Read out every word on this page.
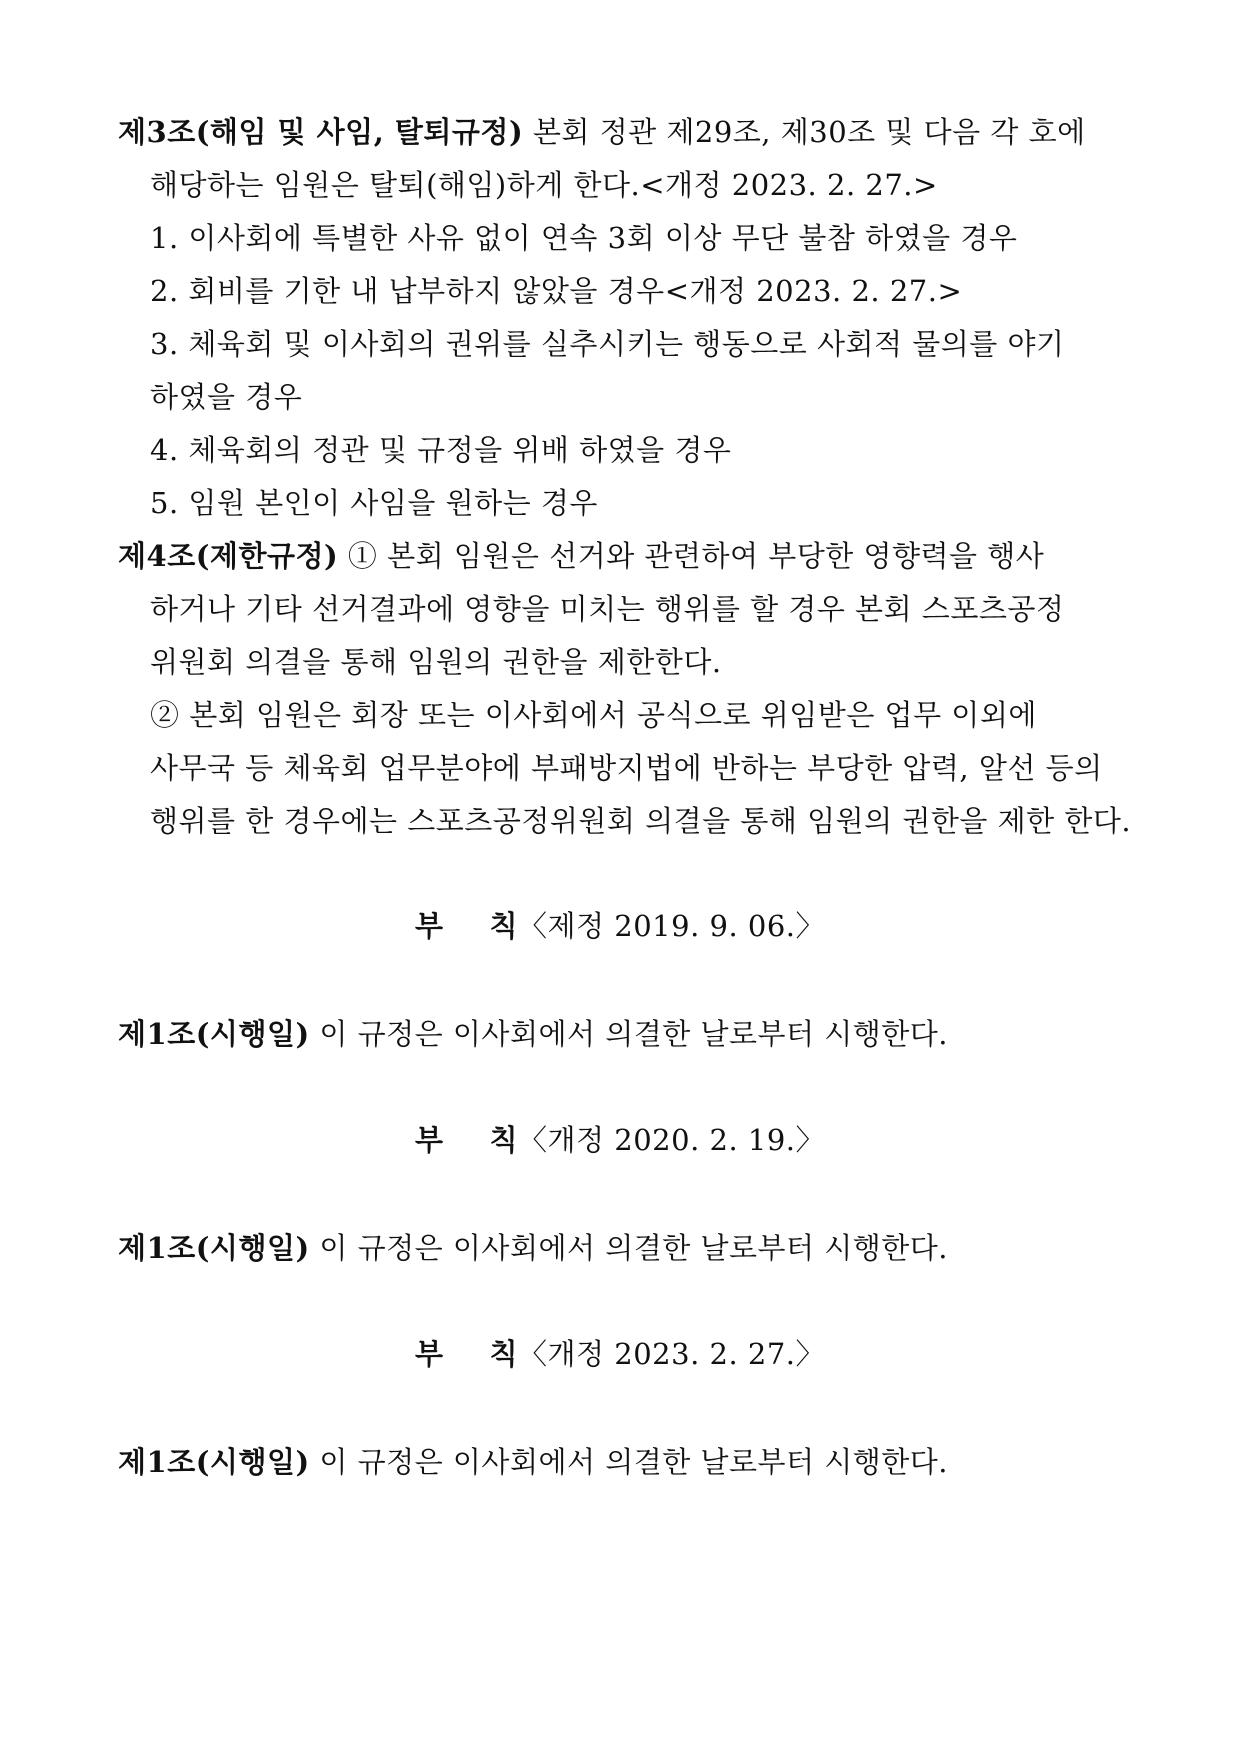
제3조(해임 및 사임, 탈퇴규정) 본회 정관 제29조, 제30조 및 다음 각 호에
해당하는 임원은 탈퇴(해임)하게 한다.<개정 2023. 2. 27.>
1. 이사회에 특별한 사유 없이 연속 3회 이상 무단 불참 하였을 경우
2. 회비를 기한 내 납부하지 않았을 경우<개정 2023. 2. 27.>
3. 체육회 및 이사회의 권위를 실추시키는 행동으로 사회적 물의를 야기
하였을 경우
4. 체육회의 정관 및 규정을 위배 하였을 경우
5. 임원 본인이 사임을 원하는 경우
제4조(제한규정) ① 본회 임원은 선거와 관련하여 부당한 영향력을 행사
하거나 기타 선거결과에 영향을 미치는 행위를 할 경우 본회 스포츠공정
위원회 의결을 통해 임원의 권한을 제한한다.
② 본회 임원은 회장 또는 이사회에서 공식으로 위임받은 업무 이외에
사무국 등 체육회 업무분야에 부패방지법에 반하는 부당한 압력, 알선 등의
행위를 한 경우에는 스포츠공정위원회 의결을 통해 임원의 권한을 제한 한다.
부 칙〈제정 2019. 9. 06.〉
제1조(시행일) 이 규정은 이사회에서 의결한 날로부터 시행한다.
부 칙〈개정 2020. 2. 19.〉
제1조(시행일) 이 규정은 이사회에서 의결한 날로부터 시행한다.
부 칙〈개정 2023. 2. 27.〉
제1조(시행일) 이 규정은 이사회에서 의결한 날로부터 시행한다.
